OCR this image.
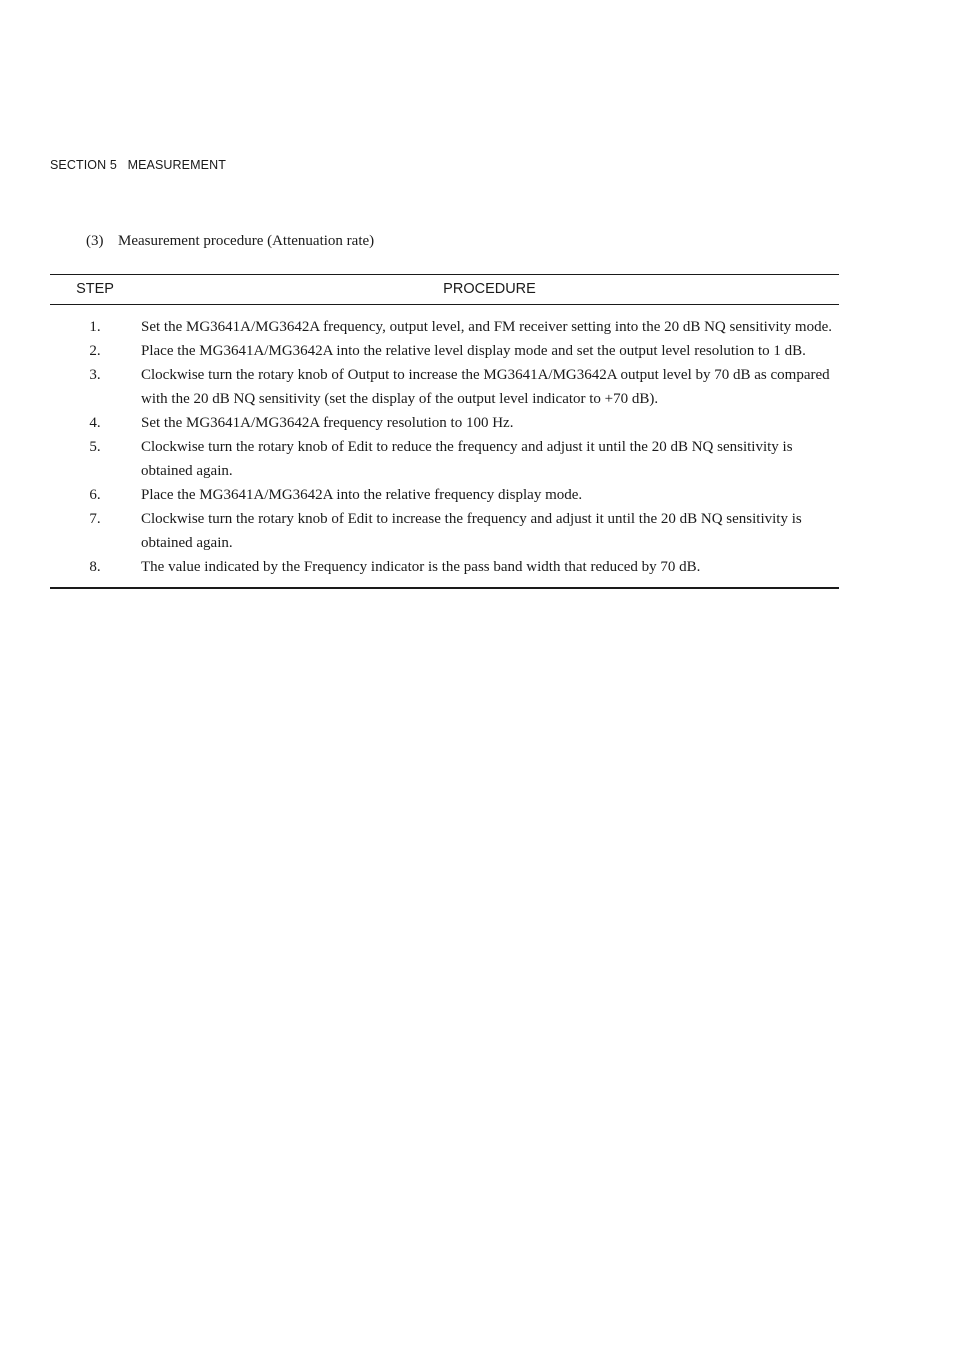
SECTION 5   MEASUREMENT
(3) Measurement procedure (Attenuation rate)
STEP	PROCEDURE
1.	Set the MG3641A/MG3642A frequency, output level, and FM receiver setting into the 20 dB NQ sensitivity mode.
2.	Place the MG3641A/MG3642A into the relative level display mode and set the output level resolution to 1 dB.
3.	Clockwise turn the rotary knob of Output to increase the MG3641A/MG3642A output level by 70 dB as compared with the 20 dB NQ sensitivity (set the display of the output level indicator to +70 dB).
4.	Set the MG3641A/MG3642A frequency resolution to 100 Hz.
5.	Clockwise turn the rotary knob of Edit to reduce the frequency and adjust it until the 20 dB NQ sensitivity is obtained again.
6.	Place the MG3641A/MG3642A into the relative frequency display mode.
7.	Clockwise turn the rotary knob of Edit to increase the frequency and adjust it until the 20 dB NQ sensitivity is obtained again.
8.	The value indicated by the Frequency indicator is the pass band width that reduced by 70 dB.
